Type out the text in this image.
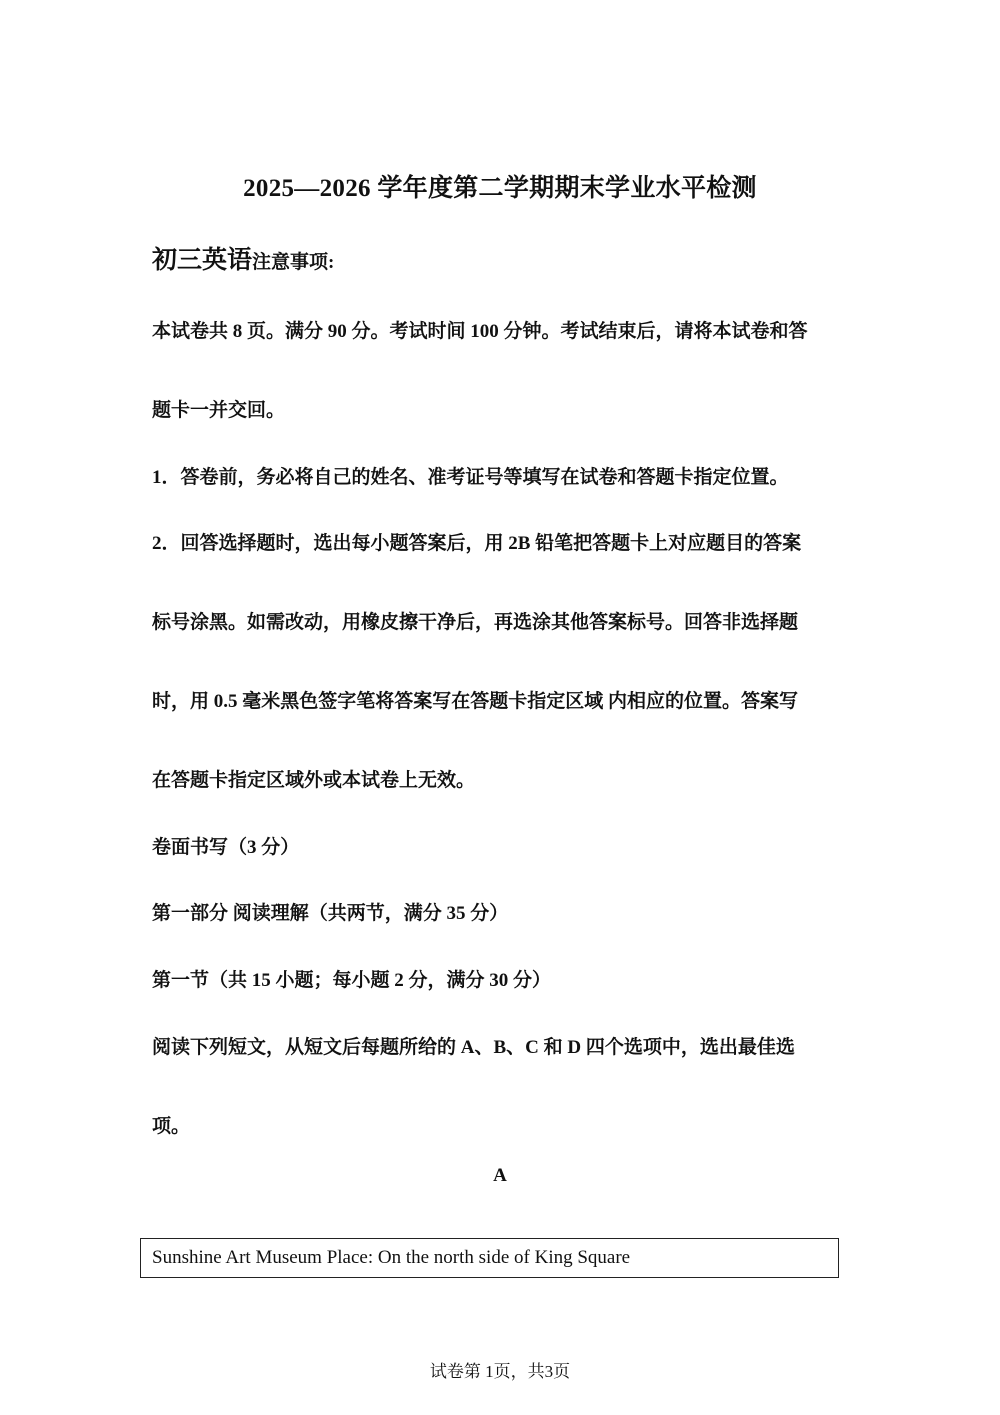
2025—2026 学年度第二学期期末学业水平检测
初三英语注意事项:
本试卷共 8 页。满分 90 分。考试时间 100 分钟。考试结束后，请将本试卷和答
题卡一并交回。
1．答卷前，务必将自己的姓名、准考证号等填写在试卷和答题卡指定位置。
2．回答选择题时，选出每小题答案后，用 2B 铅笔把答题卡上对应题目的答案
标号涂黑。如需改动，用橡皮擦干净后，再选涂其他答案标号。回答非选择题
时，用 0.5 毫米黑色签字笔将答案写在答题卡指定区域 内相应的位置。答案写
在答题卡指定区域外或本试卷上无效。
卷面书写（3 分）
第一部分 阅读理解（共两节，满分 35 分）
第一节（共 15 小题；每小题 2 分，满分 30 分）
阅读下列短文，从短文后每题所给的 A、B、C 和 D 四个选项中，选出最佳选
项。
A
Sunshine Art Museum Place: On the north side of King Square
试卷第 1页，共3页
